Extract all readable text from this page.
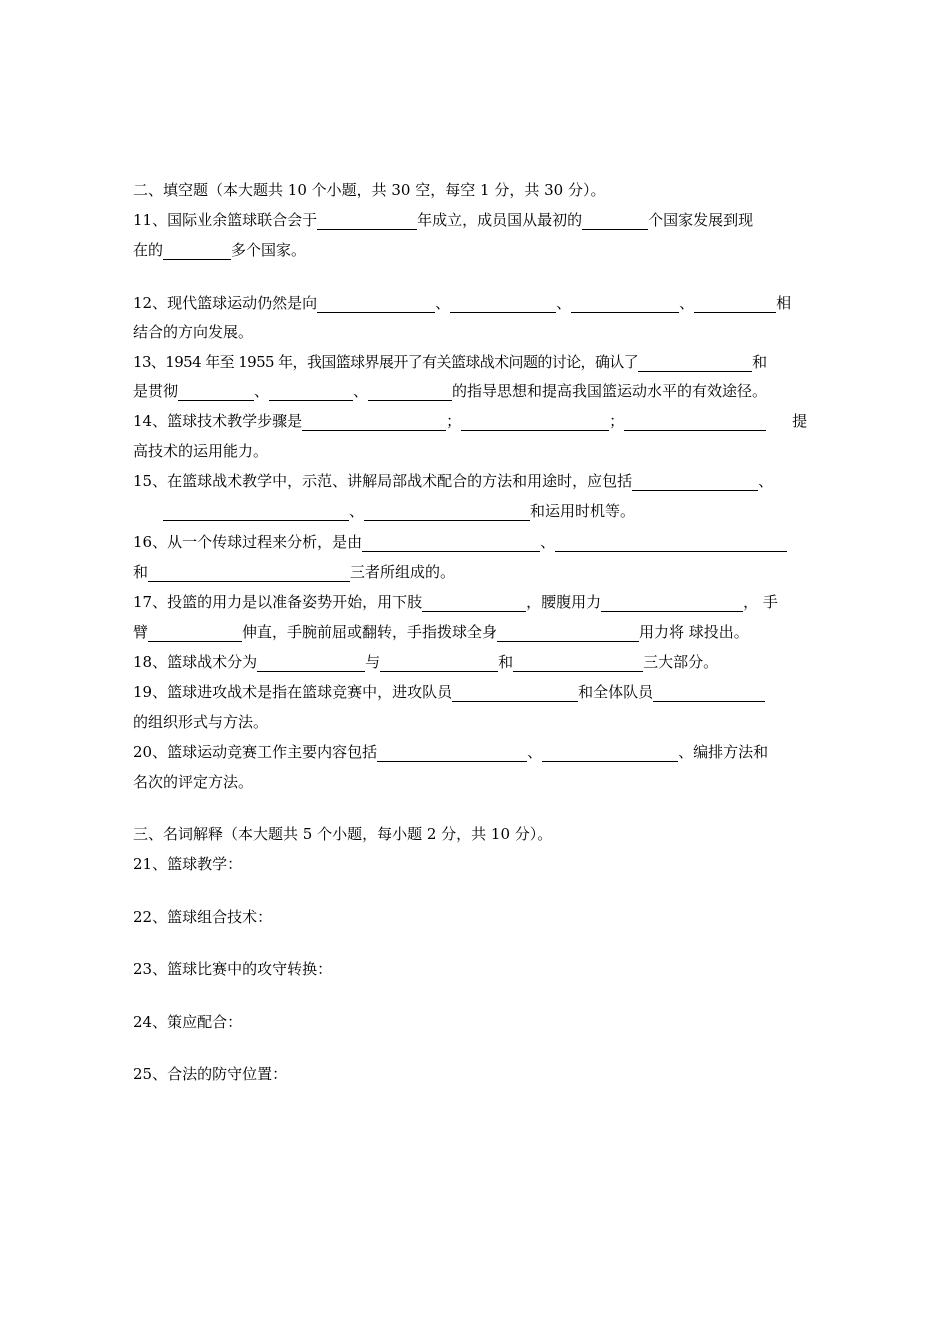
二、填空题（本大题共 10 个小题，共 30 空，每空 1 分，共 30 分）。
11、国际业余篮球联合会于	年成立，成员国从最初的	个国家发展到现
在的	多个国家。
12、现代篮球运动仍然是向	、	、	、	相
结合的方向发展。
13、1954 年至 1955 年，我国篮球界展开了有关篮球战术问题的讨论，确认了	和
是贯彻	、	、	的指导思想和提高我国篮运动水平的有效途径。
14、篮球技术教学步骤是	；	；	提
高技术的运用能力。
15、在篮球战术教学中，示范、讲解局部战术配合的方法和用途时，应包括	、
、	和运用时机等。
16、从一个传球过程来分析，是由	、
和	三者所组成的。
17、投篮的用力是以准备姿势开始，用下肢	，腰腹用力	， 手
臂	伸直，手腕前屈或翻转，手指拨球全身	用力将 球投出。
18、篮球战术分为	与	和	三大部分。
19、篮球进攻战术是指在篮球竞赛中，进攻队员	和全体队员
的组织形式与方法。
20、篮球运动竞赛工作主要内容包括	、	、编排方法和
名次的评定方法。
三、名词解释（本大题共 5 个小题，每小题 2 分，共 10 分）。
21、篮球教学：
22、篮球组合技术：
23、篮球比赛中的攻守转换：
24、策应配合：
25、合法的防守位置：
